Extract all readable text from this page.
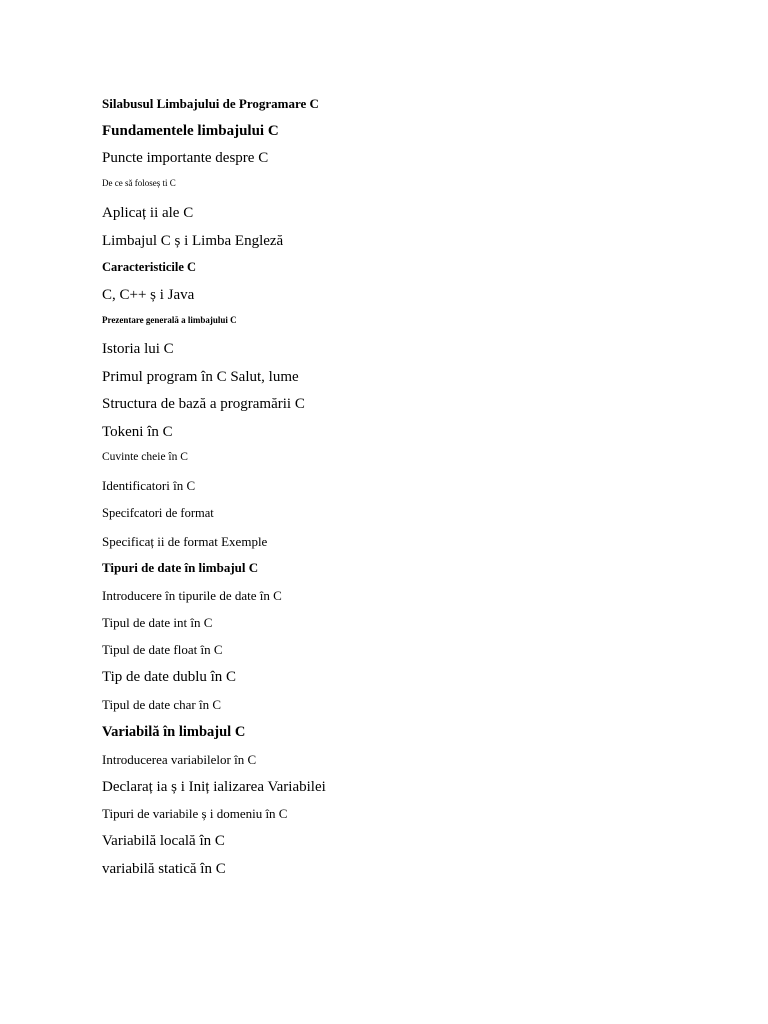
Silabusul Limbajului de Programare C
Fundamentele limbajului C
Puncte importante despre C
De ce să foloseș ti C
Aplicaț ii ale C
Limbajul C ș i Limba Engleză
Caracteristicile C
C, C++ ș i Java
Prezentare generală a limbajului C
Istoria lui C
Primul program în C Salut, lume
Structura de bază a programării C
Tokeni în C
Cuvinte cheie în C
Identificatori în C
Specifcatori de format
Specificaț ii de format Exemple
Tipuri de date în limbajul C
Introducere în tipurile de date în C
Tipul de date int în C
Tipul de date float în C
Tip de date dublu în C
Tipul de date char în C
Variabilă în limbajul C
Introducerea variabilelor în C
Declaraț ia ș i Iniț ializarea Variabilei
Tipuri de variabile ș i domeniu în C
Variabilă locală în C
variabilă statică în C
